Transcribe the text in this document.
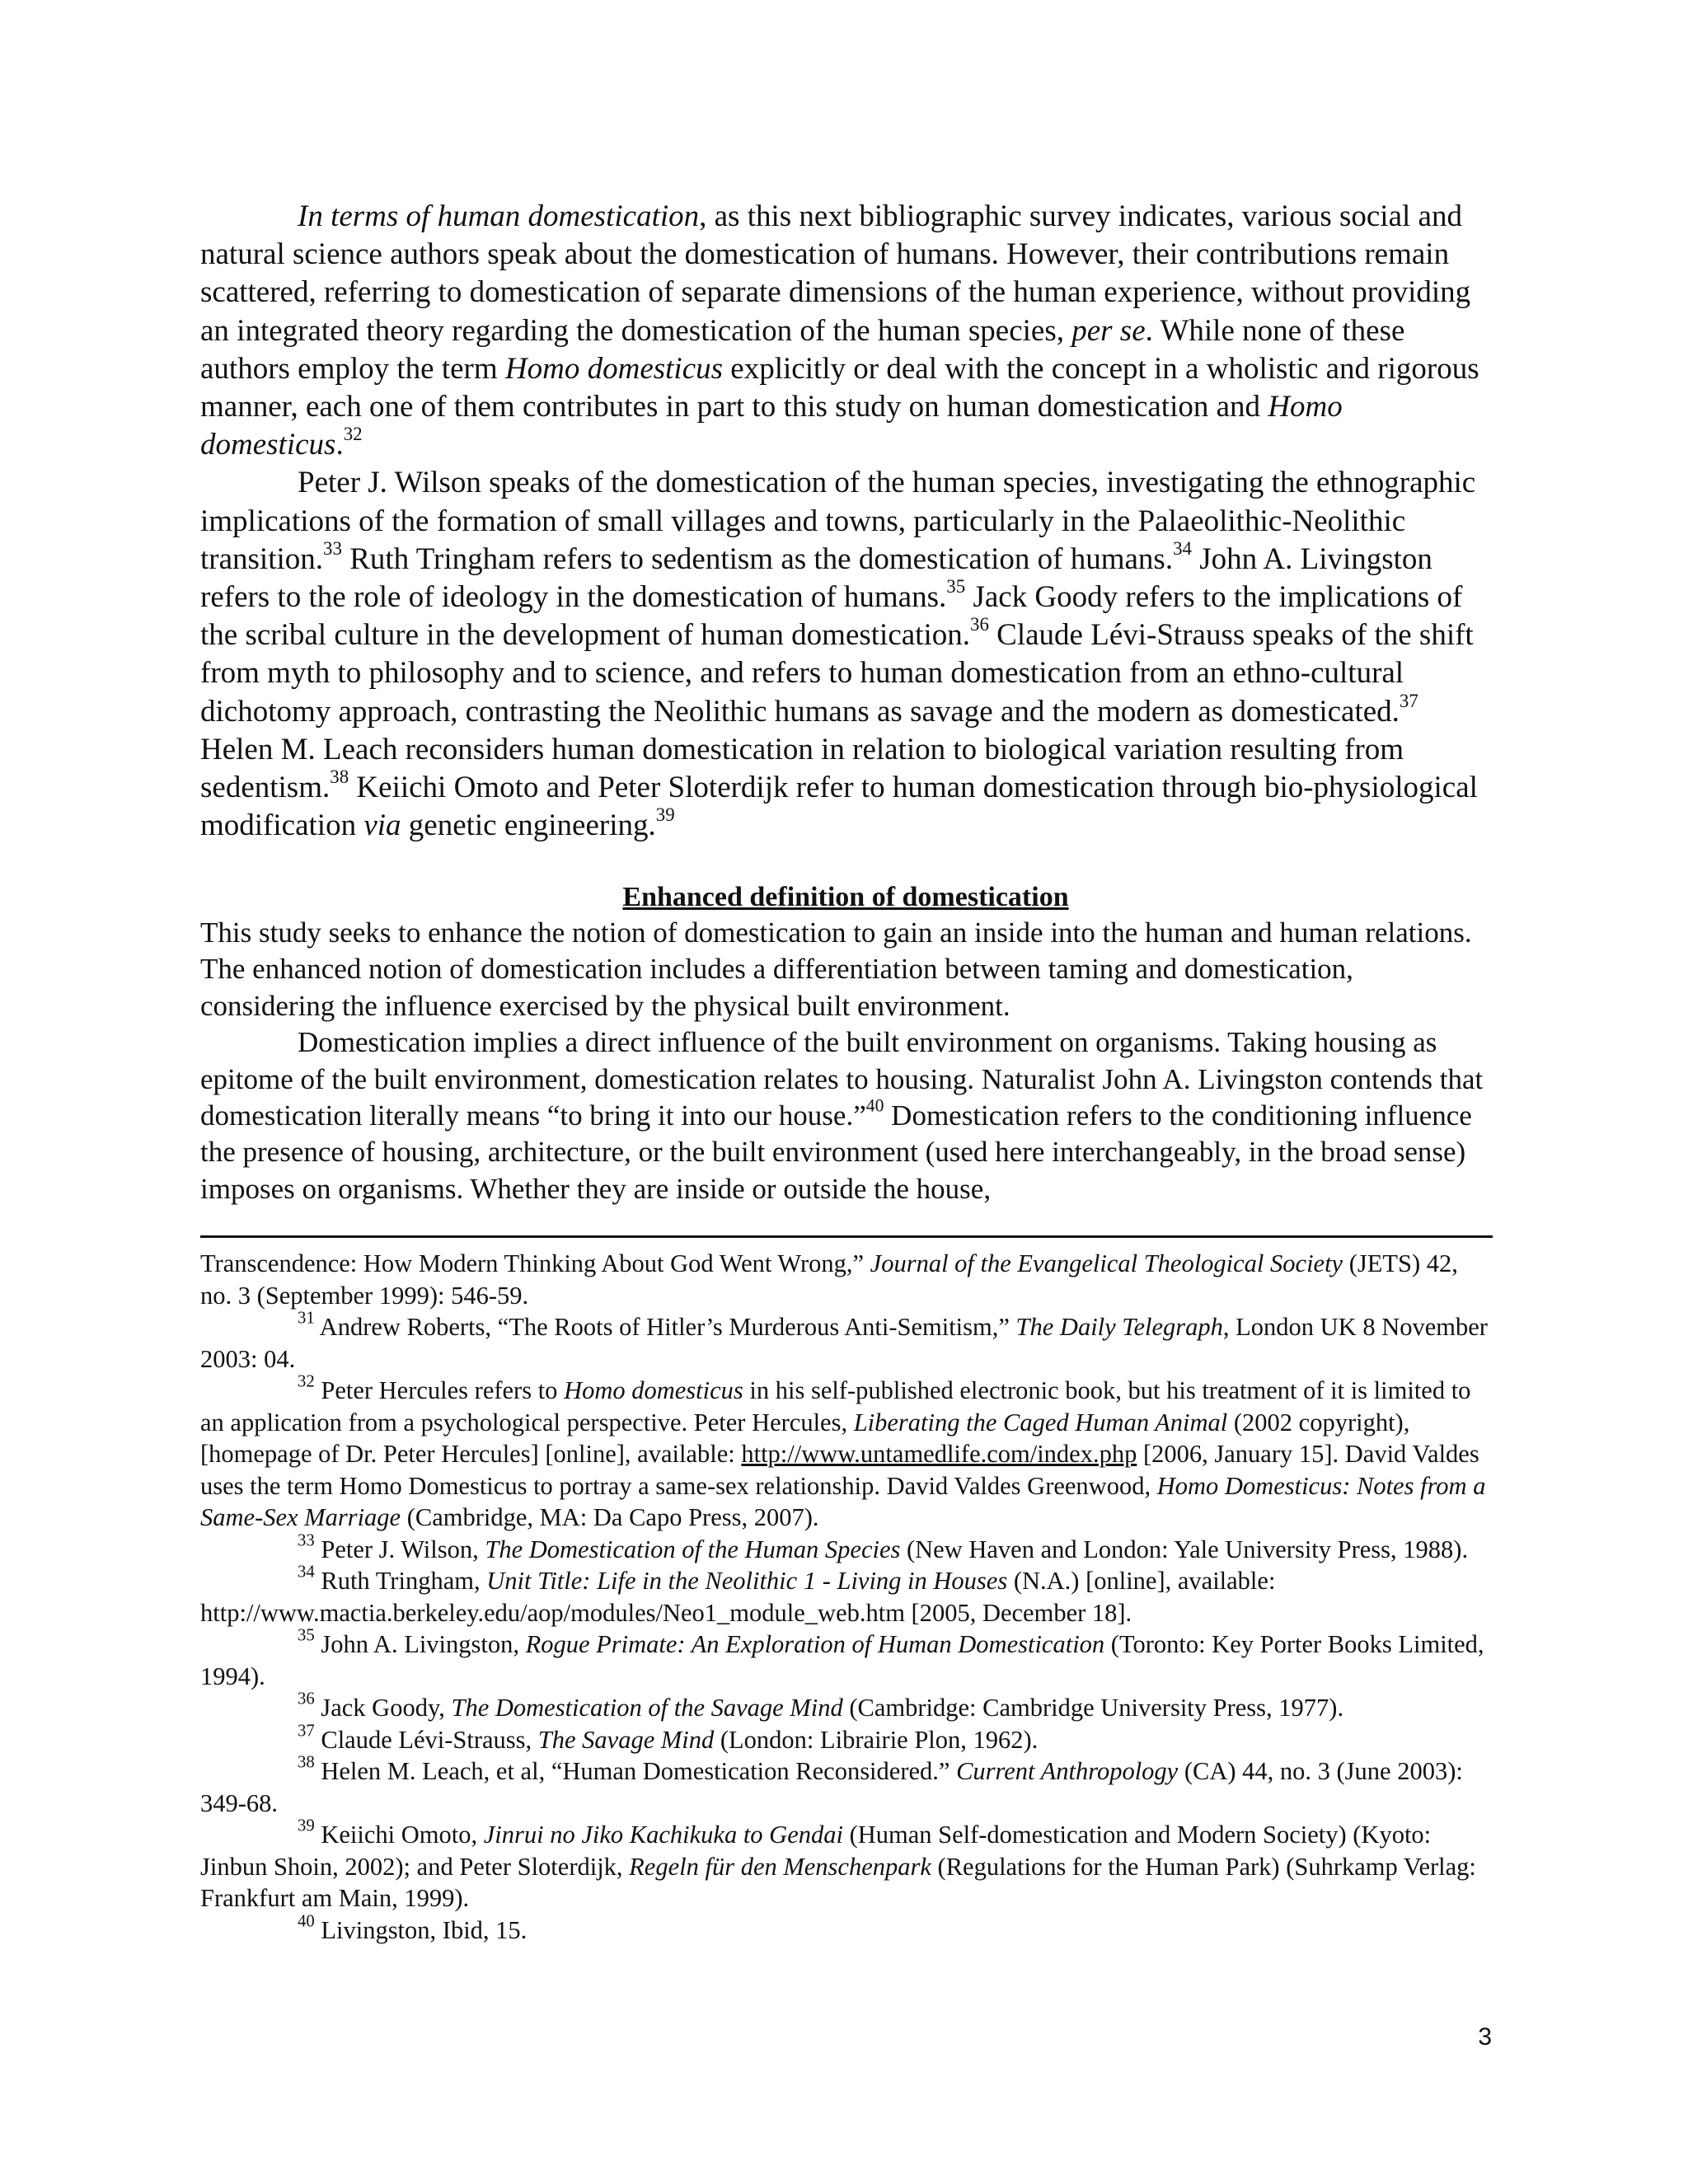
In terms of human domestication, as this next bibliographic survey indicates, various social and natural science authors speak about the domestication of humans. However, their contributions remain scattered, referring to domestication of separate dimensions of the human experience, without providing an integrated theory regarding the domestication of the human species, per se. While none of these authors employ the term Homo domesticus explicitly or deal with the concept in a wholistic and rigorous manner, each one of them contributes in part to this study on human domestication and Homo domesticus.$^{32}$

Peter J. Wilson speaks of the domestication of the human species, investigating the ethnographic implications of the formation of small villages and towns, particularly in the Palaeolithic-Neolithic transition.$^{33}$ Ruth Tringham refers to sedentism as the domestication of humans.$^{34}$ John A. Livingston refers to the role of ideology in the domestication of humans.$^{35}$ Jack Goody refers to the implications of the scribal culture in the development of human domestication.$^{36}$ Claude Lévi-Strauss speaks of the shift from myth to philosophy and to science, and refers to human domestication from an ethno-cultural dichotomy approach, contrasting the Neolithic humans as savage and the modern as domesticated.$^{37}$ Helen M. Leach reconsiders human domestication in relation to biological variation resulting from sedentism.$^{38}$ Keiichi Omoto and Peter Sloterdijk refer to human domestication through bio-physiological modification via genetic engineering.$^{39}$

Enhanced definition of domestication

This study seeks to enhance the notion of domestication to gain an inside into the human and human relations. The enhanced notion of domestication includes a differentiation between taming and domestication, considering the influence exercised by the physical built environment.

Domestication implies a direct influence of the built environment on organisms. Taking housing as epitome of the built environment, domestication relates to housing. Naturalist John A. Livingston contends that domestication literally means “to bring it into our house.”$^{40}$ Domestication refers to the conditioning influence the presence of housing, architecture, or the built environment (used here interchangeably, in the broad sense) imposes on organisms. Whether they are inside or outside the house,

Transcendence: How Modern Thinking About God Went Wrong,” Journal of the Evangelical Theological Society (JETS) 42, no. 3 (September 1999): 546-59.

$^{31}$ Andrew Roberts, “The Roots of Hitler’s Murderous Anti-Semitism,” The Daily Telegraph, London UK 8 November 2003: 04.

$^{32}$ Peter Hercules refers to Homo domesticus in his self-published electronic book, but his treatment of it is limited to an application from a psychological perspective. Peter Hercules, Liberating the Caged Human Animal (2002 copyright), [homepage of Dr. Peter Hercules] [online], available: http://www.untamedlife.com/index.php [2006, January 15]. David Valdes uses the term Homo Domesticus to portray a same-sex relationship. David Valdes Greenwood, Homo Domesticus: Notes from a Same-Sex Marriage (Cambridge, MA: Da Capo Press, 2007).

$^{33}$ Peter J. Wilson, The Domestication of the Human Species (New Haven and London: Yale University Press, 1988).

$^{34}$ Ruth Tringham, Unit Title: Life in the Neolithic 1 - Living in Houses (N.A.) [online], available: http://www.mactia.berkeley.edu/aop/modules/Neo1_module_web.htm [2005, December 18].

$^{35}$ John A. Livingston, Rogue Primate: An Exploration of Human Domestication (Toronto: Key Porter Books Limited, 1994).

$^{36}$ Jack Goody, The Domestication of the Savage Mind (Cambridge: Cambridge University Press, 1977).

$^{37}$ Claude Lévi-Strauss, The Savage Mind (London: Librairie Plon, 1962).

$^{38}$ Helen M. Leach, et al, “Human Domestication Reconsidered.” Current Anthropology (CA) 44, no. 3 (June 2003): 349-68.

$^{39}$ Keiichi Omoto, Jinrui no Jiko Kachikuka to Gendai (Human Self-domestication and Modern Society) (Kyoto: Jinbun Shoin, 2002); and Peter Sloterdijk, Regeln für den Menschenpark (Regulations for the Human Park) (Suhrkamp Verlag: Frankfurt am Main, 1999).

$^{40}$ Livingston, Ibid, 15.

3
